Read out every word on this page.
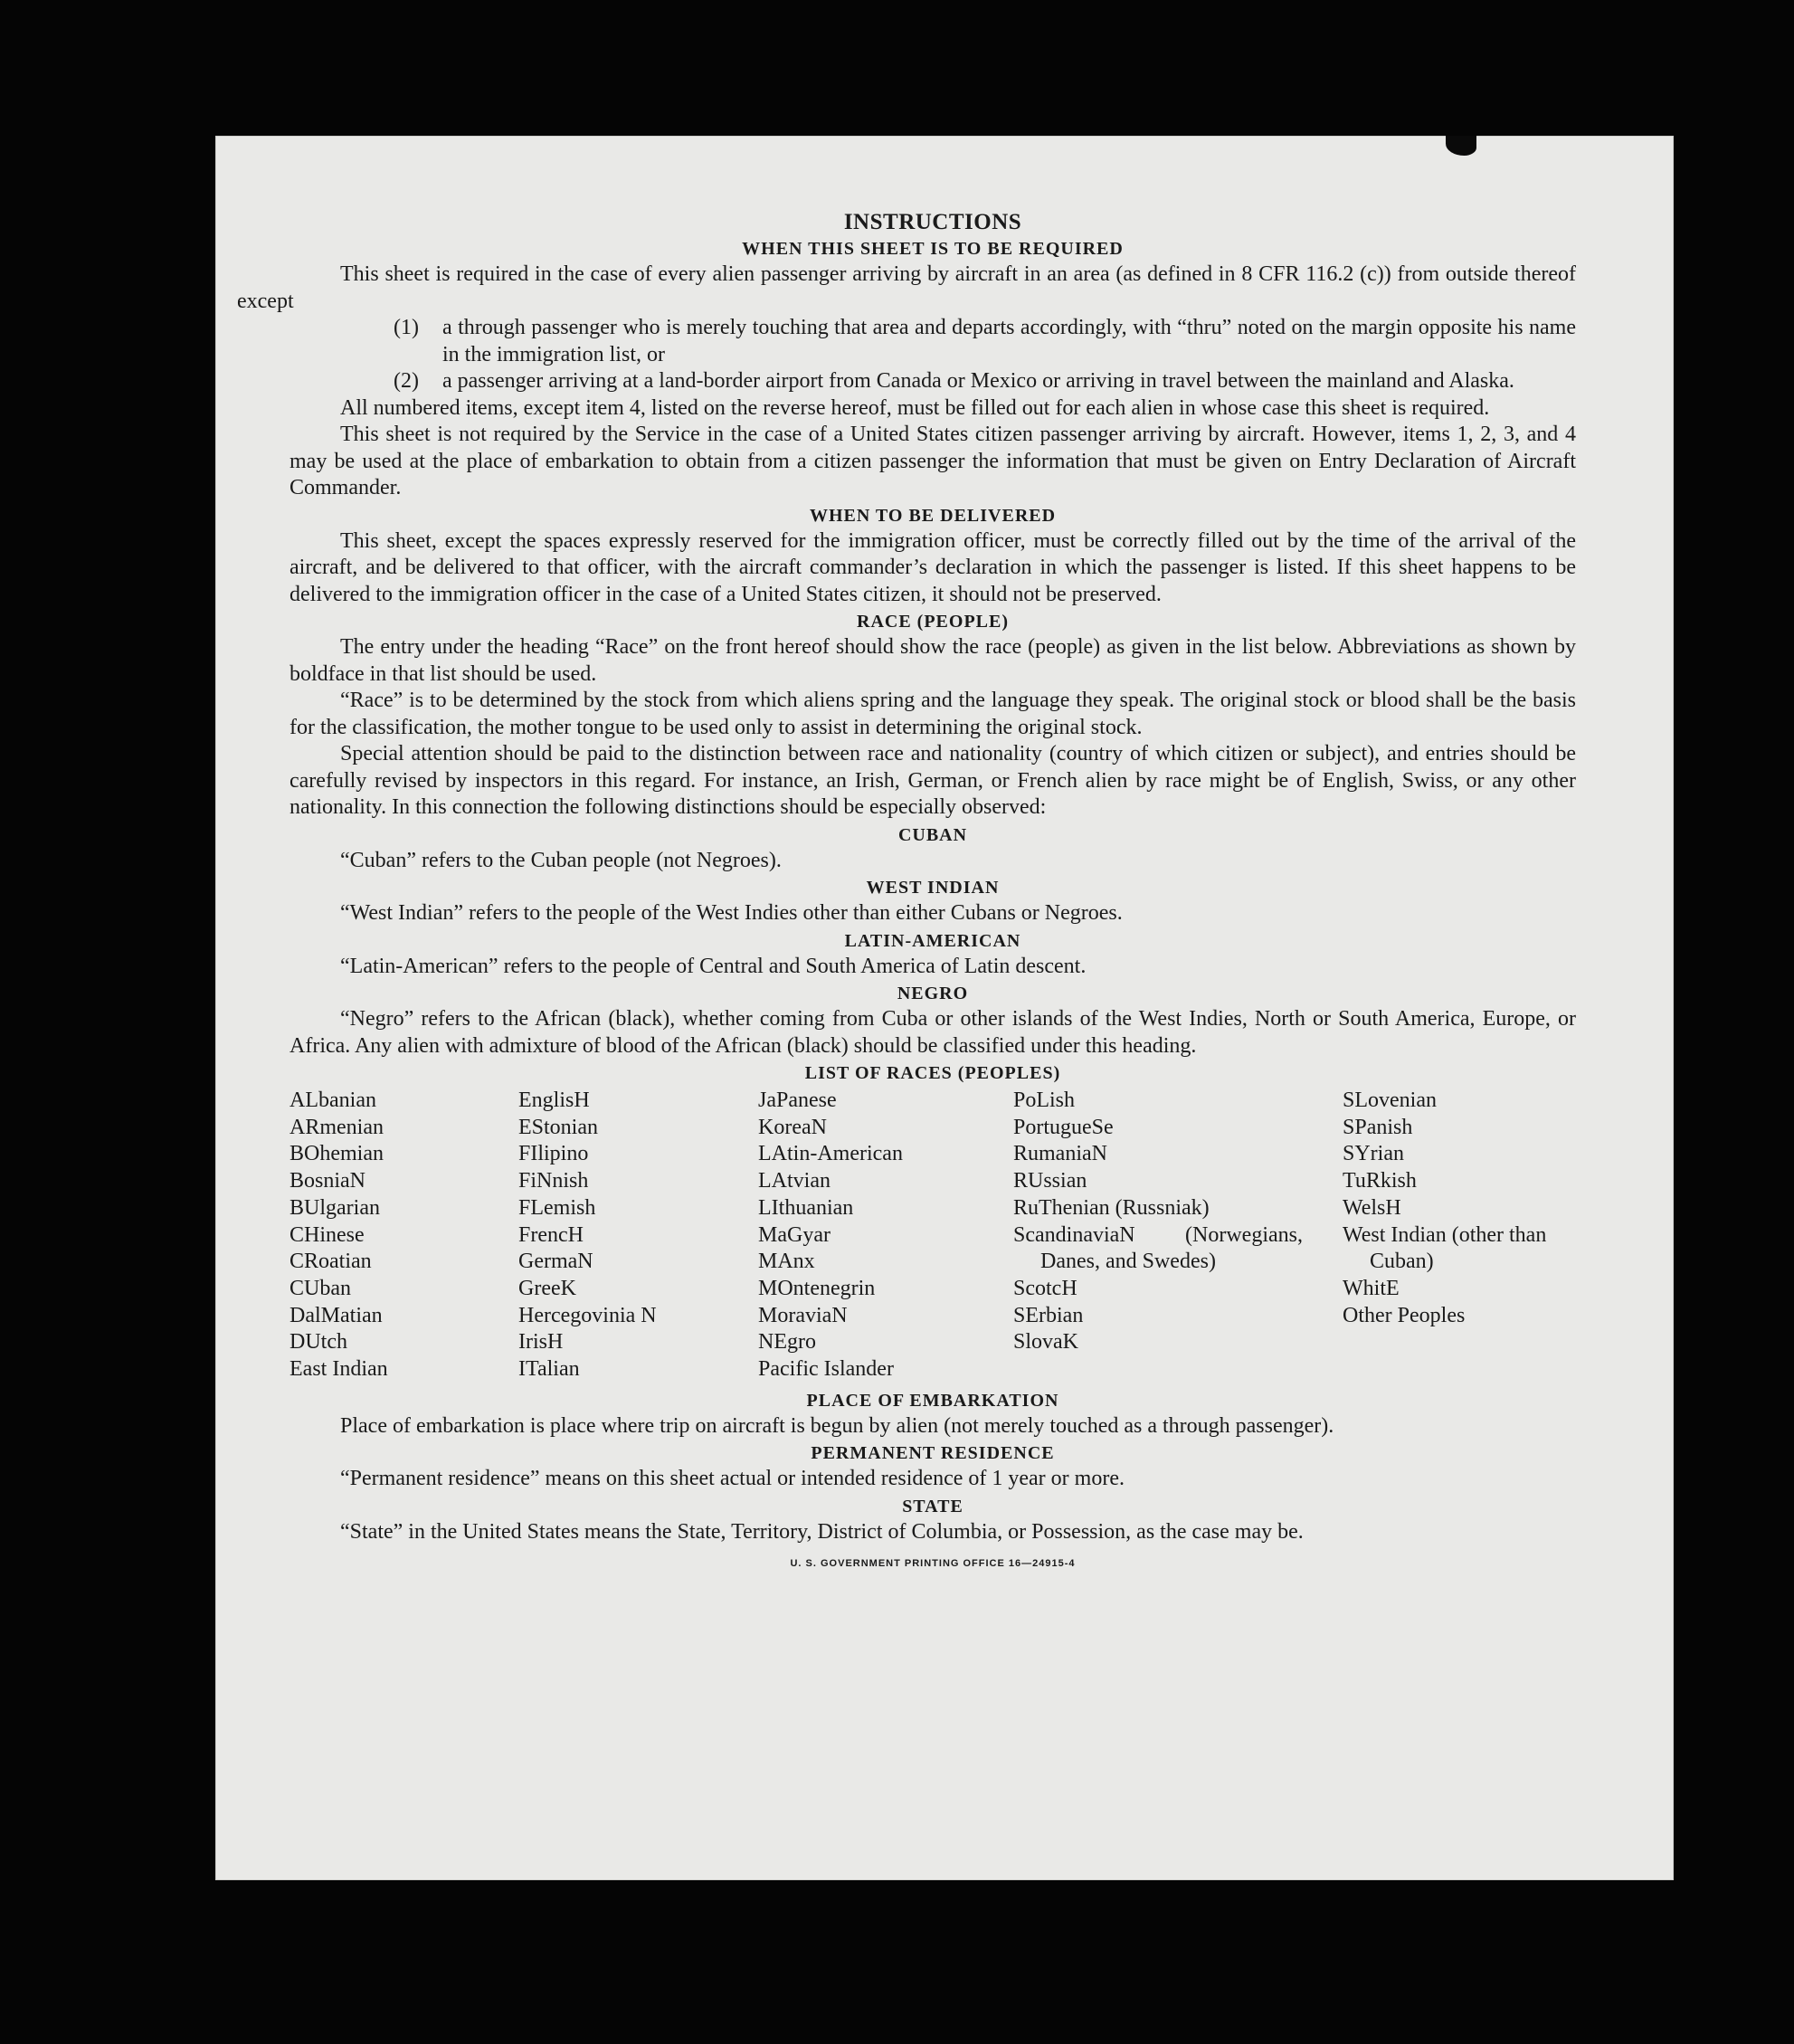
INSTRUCTIONS
WHEN THIS SHEET IS TO BE REQUIRED

This sheet is required in the case of every alien passenger arriving by aircraft in an area (as defined in 8 CFR 116.2 (c)) from outside thereof except

(1)	a through passenger who is merely touching that area and departs accordingly, with “thru” noted on the margin opposite his name in the immigration list, or
(2)	a passenger arriving at a land-border airport from Canada or Mexico or arriving in travel between the mainland and Alaska.

All numbered items, except item 4, listed on the reverse hereof, must be filled out for each alien in whose case this sheet is required.

This sheet is not required by the Service in the case of a United States citizen passenger arriving by aircraft. However, items 1, 2, 3, and 4 may be used at the place of embarkation to obtain from a citizen passenger the information that must be given on Entry Declaration of Aircraft Commander.

WHEN TO BE DELIVERED

This sheet, except the spaces expressly reserved for the immigration officer, must be correctly filled out by the time of the arrival of the aircraft, and be delivered to that officer, with the aircraft commander’s declaration in which the passenger is listed. If this sheet happens to be delivered to the immigration officer in the case of a United States citizen, it should not be preserved.

RACE (PEOPLE)

The entry under the heading “Race” on the front hereof should show the race (people) as given in the list below. Abbreviations as shown by boldface in that list should be used.

“Race” is to be determined by the stock from which aliens spring and the language they speak. The original stock or blood shall be the basis for the classification, the mother tongue to be used only to assist in determining the original stock.

Special attention should be paid to the distinction between race and nationality (country of which citizen or subject), and entries should be carefully revised by inspectors in this regard. For instance, an Irish, German, or French alien by race might be of English, Swiss, or any other nationality. In this connection the following distinctions should be especially observed:

CUBAN

“Cuban” refers to the Cuban people (not Negroes).

WEST INDIAN

“West Indian” refers to the people of the West Indies other than either Cubans or Negroes.

LATIN-AMERICAN

“Latin-American” refers to the people of Central and South America of Latin descent.

NEGRO

“Negro” refers to the African (black), whether coming from Cuba or other islands of the West Indies, North or South America, Europe, or Africa. Any alien with admixture of blood of the African (black) should be classified under this heading.

LIST OF RACES (PEOPLES)
ALbanian
ARmenian
BOhemian
BosniaN
BUlgarian
CHinese
CRoatian
CUban
DalMatian
DUtch
East Indian
EnglisH
EStonian
FIlipino
FiNnish
FLemish
FrencH
GermaN
GreeK
Hercegovinia N
IrisH
ITalian
JaPanese
KoreaN
LAtin-American
LAtvian
LIthuanian
MaGyar
MAnx
MOntenegrin
MoraviaN
NEgro
Pacific Islander
PoLish
PortugueSe
RumaniaN
RUssian
RuThenian (Russniak)
ScandinaviaN (Norwegians, Danes, and Swedes)
ScotcH
SErbian
SlovaK
SLovenian
SPanish
SYrian
TuRkish
WelsH
West Indian (other than Cuban)
WhitE
Other Peoples
PLACE OF EMBARKATION

Place of embarkation is place where trip on aircraft is begun by alien (not merely touched as a through passenger).

PERMANENT RESIDENCE

“Permanent residence” means on this sheet actual or intended residence of 1 year or more.

STATE

“State” in the United States means the State, Territory, District of Columbia, or Possession, as the case may be.

U. S. GOVERNMENT PRINTING OFFICE 16—24915-4
